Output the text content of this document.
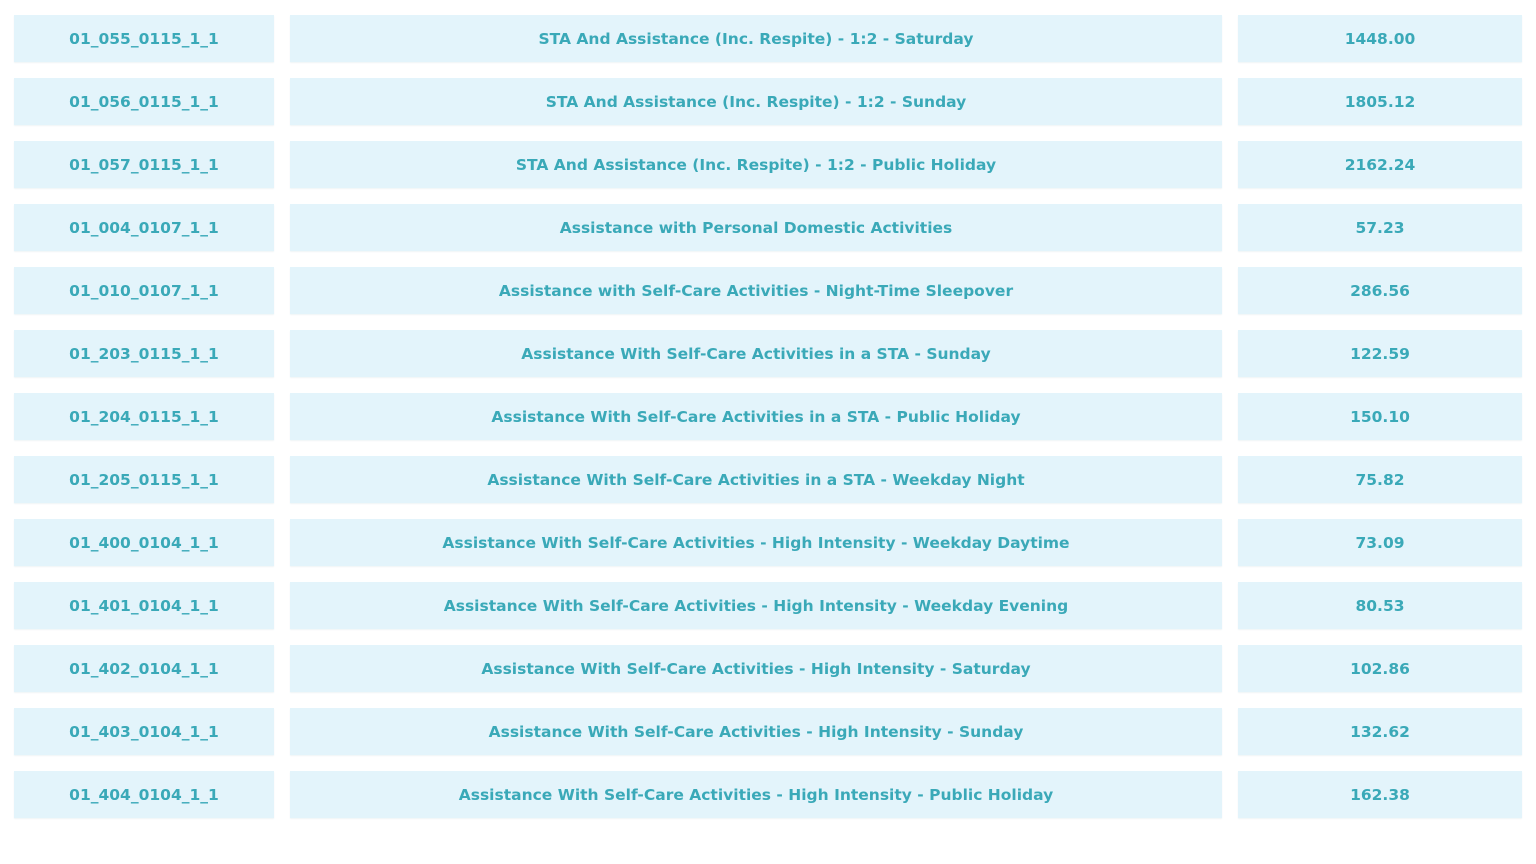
01_055_0115_1_1	STA And Assistance (Inc. Respite) - 1:2 - Saturday	1448.00
01_056_0115_1_1	STA And Assistance (Inc. Respite) - 1:2 - Sunday	1805.12
01_057_0115_1_1	STA And Assistance (Inc. Respite) - 1:2 - Public Holiday	2162.24
01_004_0107_1_1	Assistance with Personal Domestic Activities	57.23
01_010_0107_1_1	Assistance with Self-Care Activities - Night-Time Sleepover	286.56
01_203_0115_1_1	Assistance With Self-Care Activities in a STA - Sunday	122.59
01_204_0115_1_1	Assistance With Self-Care Activities in a STA - Public Holiday	150.10
01_205_0115_1_1	Assistance With Self-Care Activities in a STA - Weekday Night	75.82
01_400_0104_1_1	Assistance With Self-Care Activities - High Intensity - Weekday Daytime	73.09
01_401_0104_1_1	Assistance With Self-Care Activities - High Intensity - Weekday Evening	80.53
01_402_0104_1_1	Assistance With Self-Care Activities - High Intensity - Saturday	102.86
01_403_0104_1_1	Assistance With Self-Care Activities - High Intensity - Sunday	132.62
01_404_0104_1_1	Assistance With Self-Care Activities - High Intensity - Public Holiday	162.38
